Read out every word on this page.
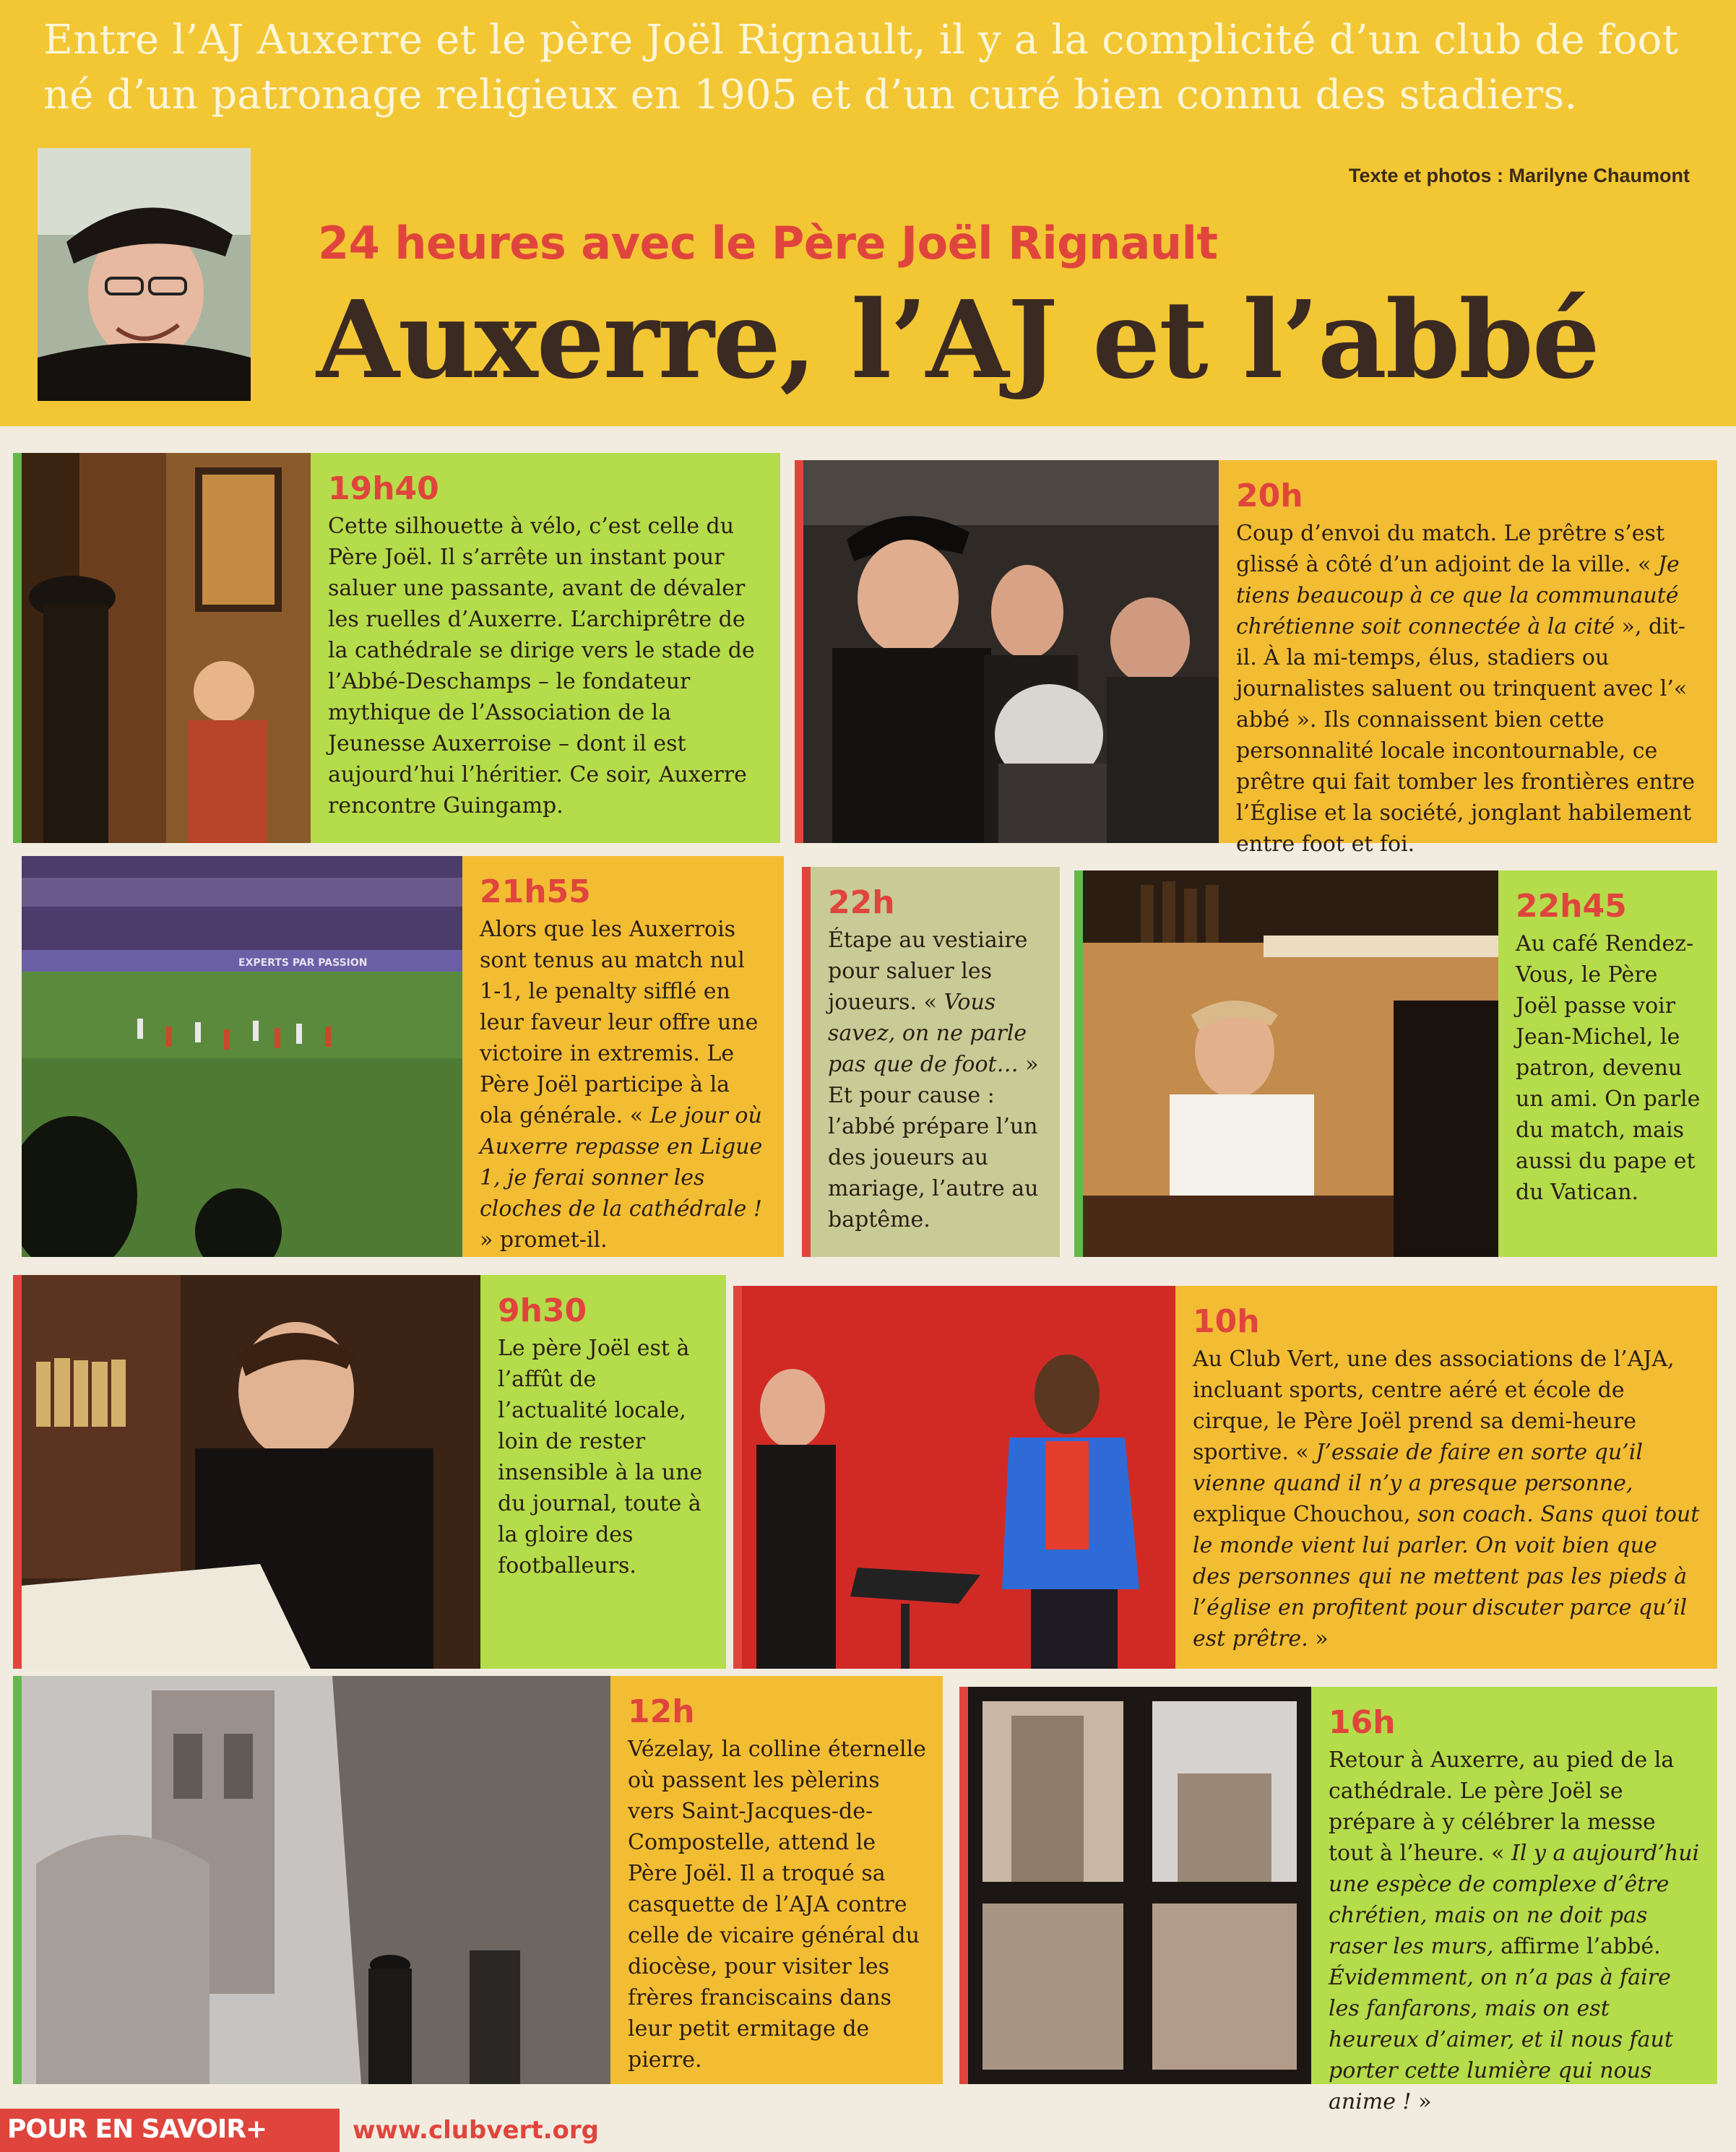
Entre l’AJ Auxerre et le père Joël Rignault, il y a la complicité d’un club de foot né d’un patronage religieux en 1905 et d’un curé bien connu des stadiers.
Texte et photos : Marilyne Chaumont
24 heures avec le Père Joël Rignault
Auxerre, l’AJ et l’abbé
19h40
Cette silhouette à vélo, c’est celle du Père Joël. Il s’arrête un instant pour saluer une passante, avant de dévaler les ruelles d’Auxerre. L’archiprêtre de la cathédrale se dirige vers le stade de l’Abbé-Deschamps – le fondateur mythique de l’Association de la Jeunesse Auxerroise – dont il est aujourd’hui l’héritier. Ce soir, Auxerre rencontre Guingamp.
20h
Coup d’envoi du match. Le prêtre s’est glissé à côté d’un adjoint de la ville. « Je tiens beaucoup à ce que la communauté chrétienne soit connectée à la cité », dit-il. À la mi-temps, élus, stadiers ou journalistes saluent ou trinquent avec l’« abbé ». Ils connaissent bien cette personnalité locale incontournable, ce prêtre qui fait tomber les frontières entre l’Église et la société, jonglant habilement entre foot et foi.
EXPERTS PAR PASSION
21h55
Alors que les Auxerrois sont tenus au match nul 1-1, le penalty sifflé en leur faveur leur offre une victoire in extremis. Le Père Joël participe à la ola générale. « Le jour où Auxerre repasse en Ligue 1, je ferai sonner les cloches de la cathédrale ! » promet-il.
22h
Étape au vestiaire pour saluer les joueurs. « Vous savez, on ne parle pas que de foot… » Et pour cause : l’abbé prépare l’un des joueurs au mariage, l’autre au baptême.
22h45
Au café Rendez-Vous, le Père Joël passe voir Jean-Michel, le patron, devenu un ami. On parle du match, mais aussi du pape et du Vatican.
9h30
Le père Joël est à l’affût de l’actualité locale, loin de rester insensible à la une du journal, toute à la gloire des footballeurs.
10h
Au Club Vert, une des associations de l’AJA, incluant sports, centre aéré et école de cirque, le Père Joël prend sa demi-heure sportive. « J’essaie de faire en sorte qu’il vienne quand il n’y a presque personne, explique Chouchou, son coach. Sans quoi tout le monde vient lui parler. On voit bien que des personnes qui ne mettent pas les pieds à l’église en profitent pour discuter parce qu’il est prêtre. »
12h
Vézelay, la colline éternelle où passent les pèlerins vers Saint-Jacques-de-Compostelle, attend le Père Joël. Il a troqué sa casquette de l’AJA contre celle de vicaire général du diocèse, pour visiter les frères franciscains dans leur petit ermitage de pierre.
16h
Retour à Auxerre, au pied de la cathédrale. Le père Joël se prépare à y célébrer la messe tout à l’heure. « Il y a aujourd’hui une espèce de complexe d’être chrétien, mais on ne doit pas raser les murs, affirme l’abbé. Évidemment, on n’a pas à faire les fanfarons, mais on est heureux d’aimer, et il nous faut porter cette lumière qui nous anime ! »
POUR EN SAVOIR+	www.clubvert.org
